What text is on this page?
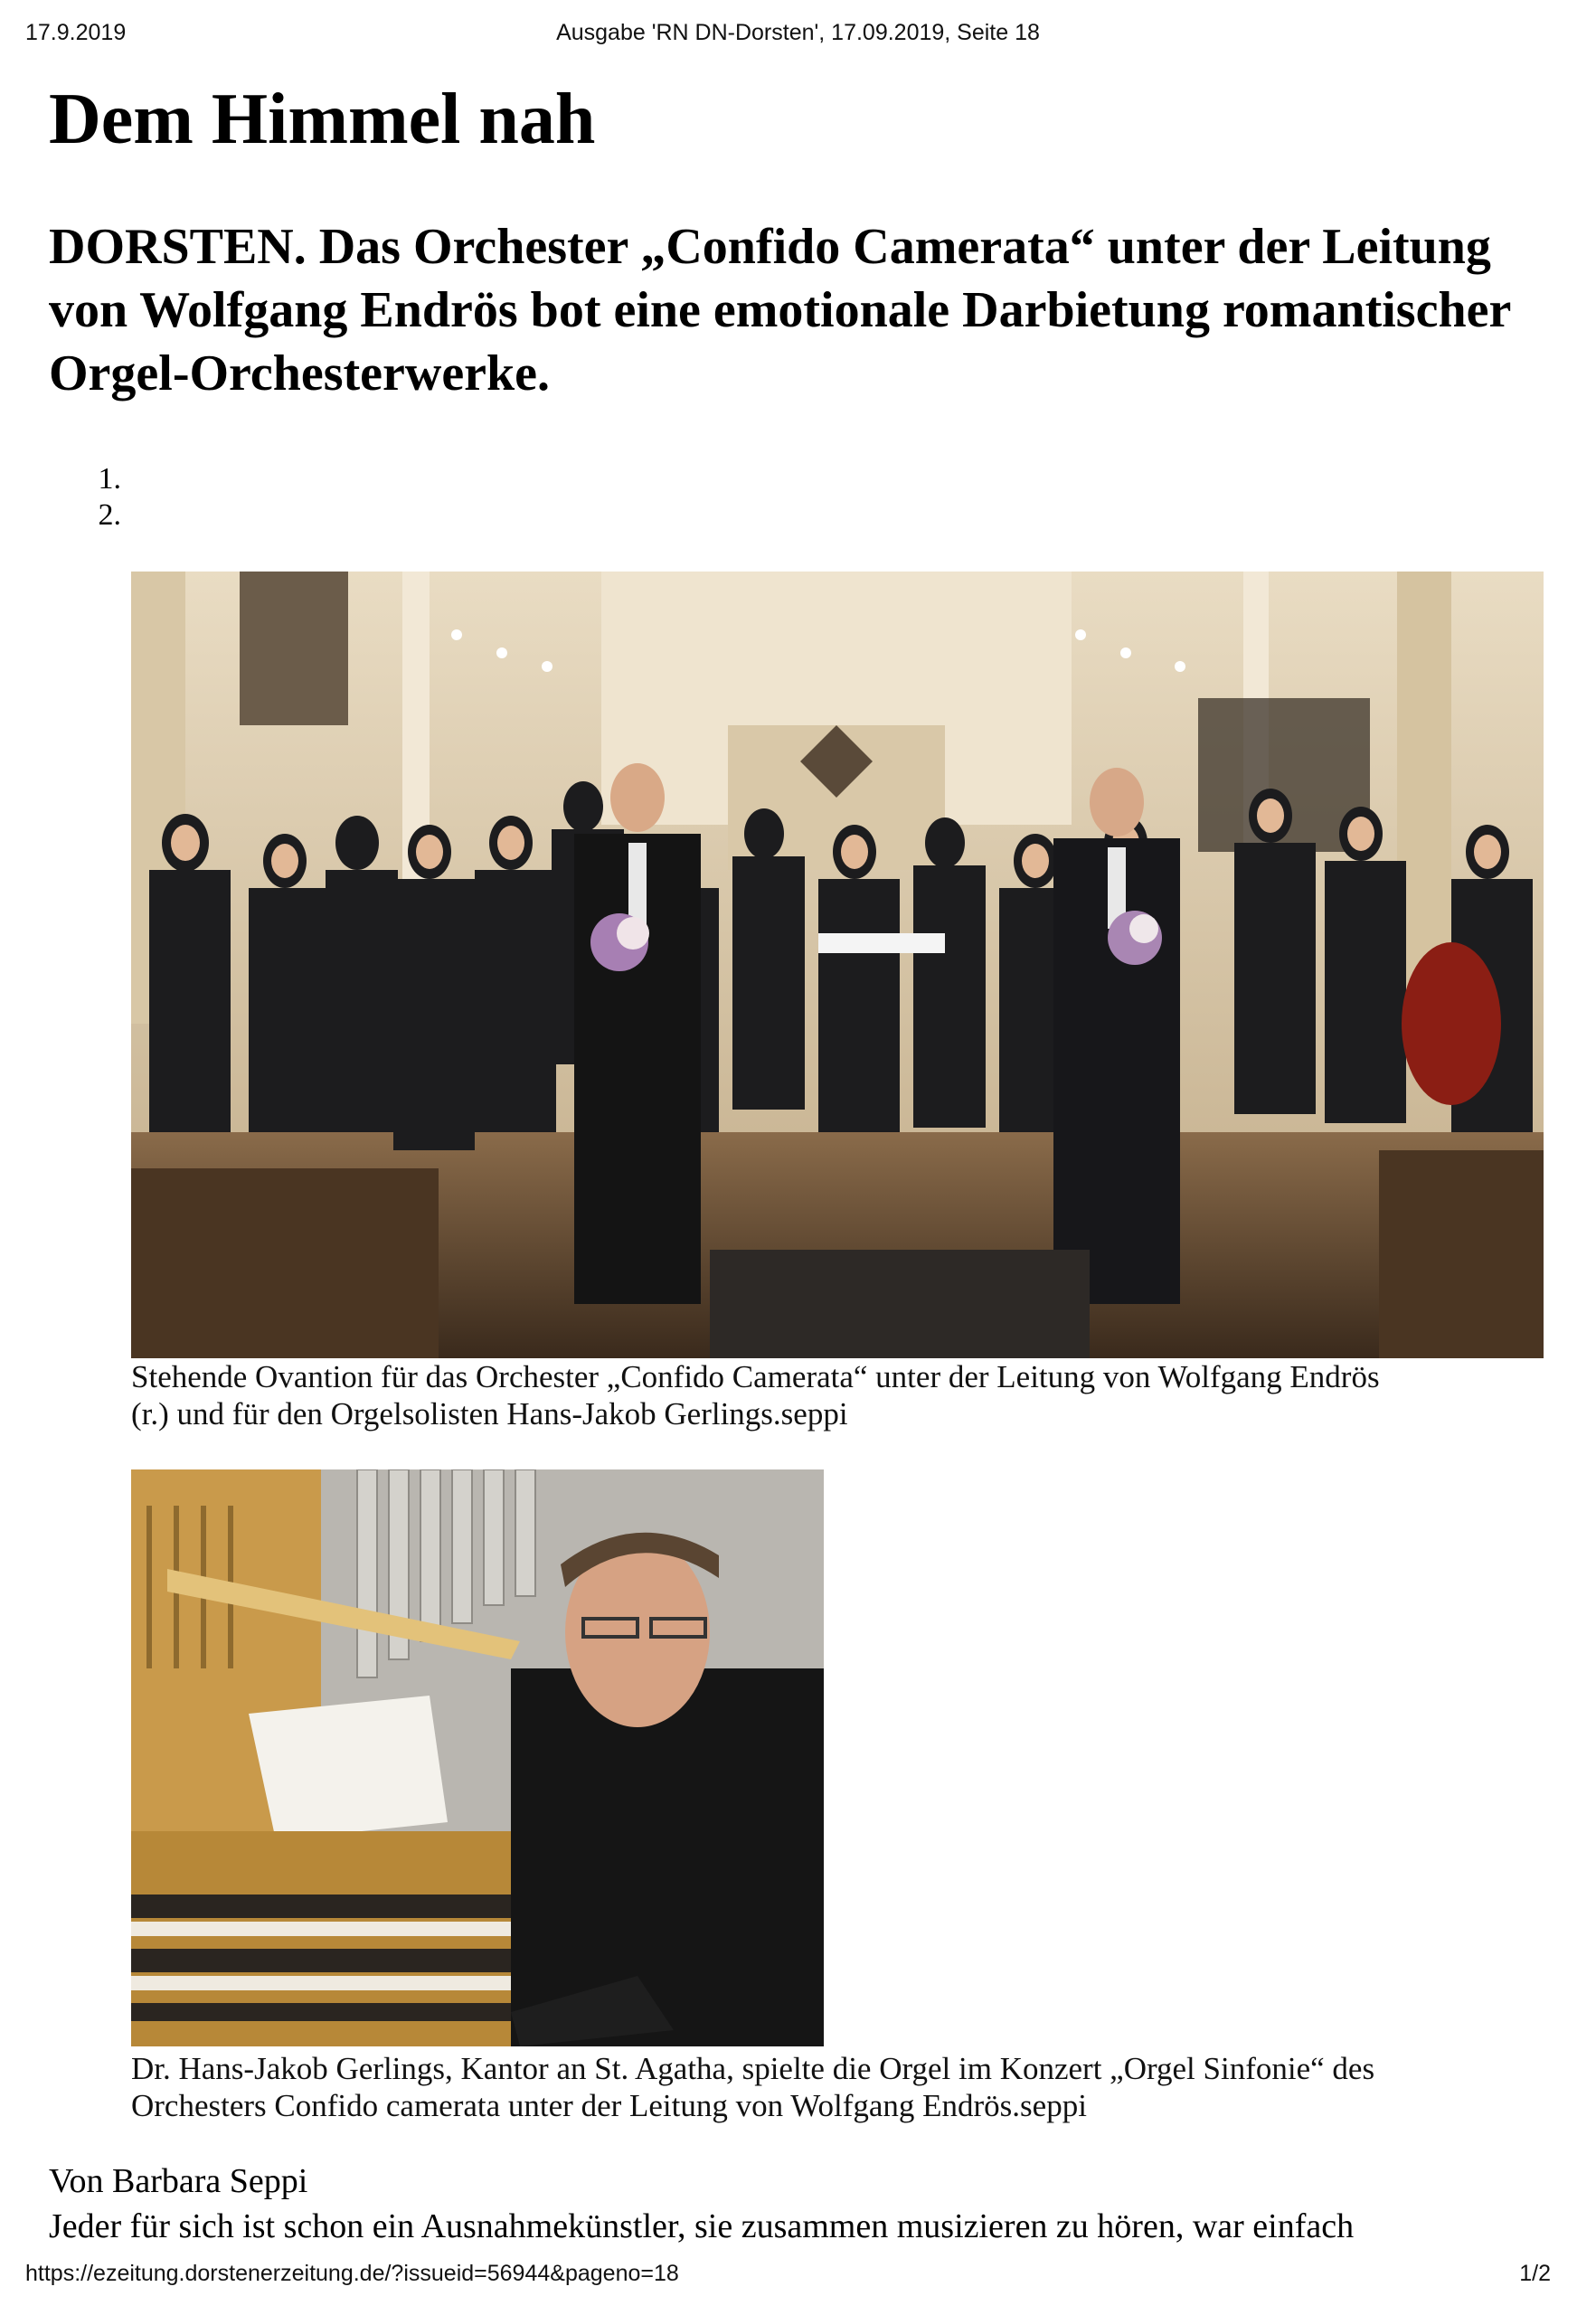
17.9.2019	Ausgabe 'RN DN-Dorsten', 17.09.2019, Seite 18
Dem Himmel nah
DORSTEN. Das Orchester „Confido Camerata“ unter der Leitung von Wolfgang Endrös bot eine emotionale Darbietung romantischer Orgel-Orchesterwerke.
1.
2.

Stehende Ovantion für das Orchester „Confido Camerata“ unter der Leitung von Wolfgang Endrös (r.) und für den Orgelsolisten Hans-Jakob Gerlings.seppi

Dr. Hans-Jakob Gerlings, Kantor an St. Agatha, spielte die Orgel im Konzert „Orgel Sinfonie“ des Orchesters Confido camerata unter der Leitung von Wolfgang Endrös.seppi

Von Barbara Seppi

Jeder für sich ist schon ein Ausnahmekünstler, sie zusammen musizieren zu hören, war einfach

https://ezeitung.dorstenerzeitung.de/?issueid=56944&pageno=18	1/2
